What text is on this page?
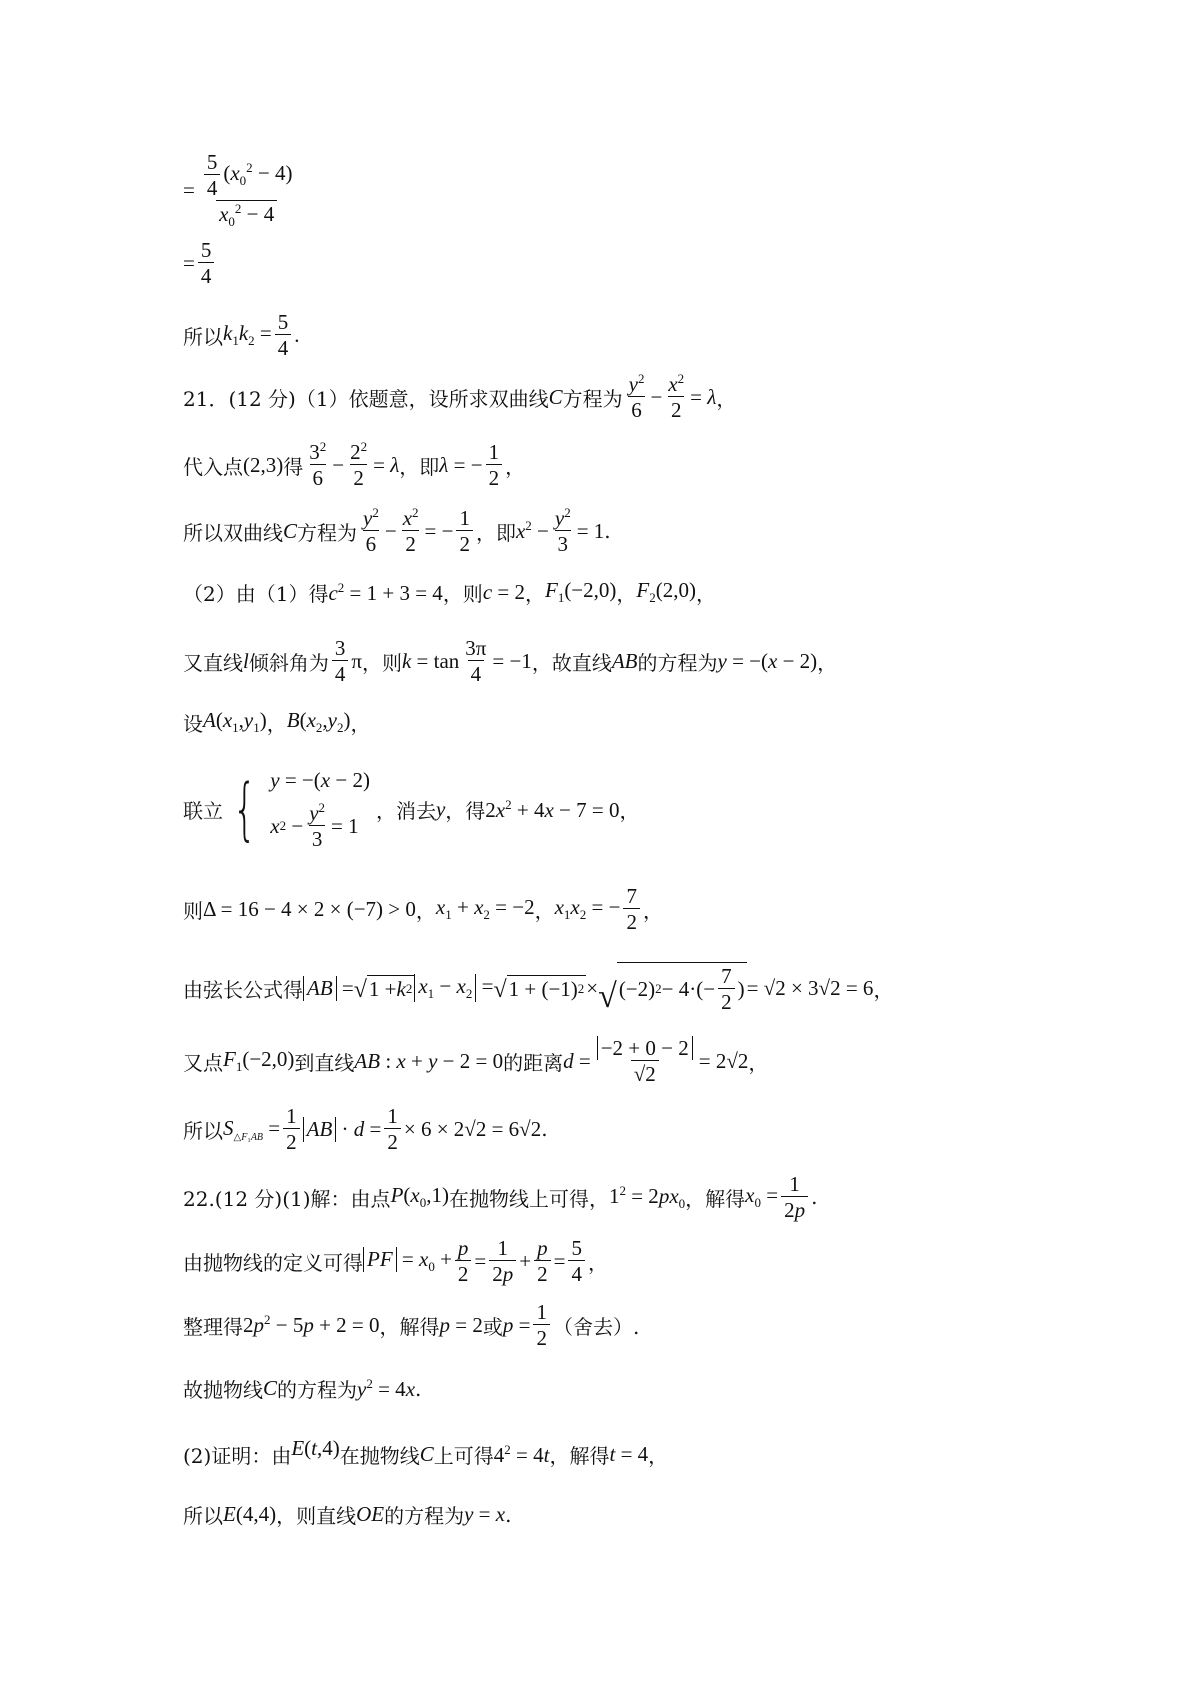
= $\frac{\frac{5}{4} (x_0^2 - 4)}{x_0^2 - 4}$
= $\frac{5}{4}$
所以 $k_1k_2 = \frac{5}{4}$ .
21．(12 分)（1）依题意，设所求双曲线 C 方程为 $\frac{y^2}{6} - \frac{x^2}{2} = \lambda$ ，
代入点 (2,3) 得 $\frac{3^2}{6} - \frac{2^2}{2} = \lambda$ ，即 λ = − $\frac{1}{2}$ ，
所以双曲线 C 方程为 $\frac{y^2}{6} - \frac{x^2}{2}$ = − $\frac{1}{2}$ ，即 $x^2 - \frac{y^2}{3} = 1$ .
（2）由（1）得 $c^2 = 1 + 3 = 4$ ，则 c = 2 ， $F_1(-2,0)$ ， $F_2(2,0)$ ，
又直线 l 倾斜角为 $\frac{3}{4}$ π ，则 $k = \tan \frac{3\pi}{4} = -1$ ，故直线 AB 的方程为 y = −(x − 2) ，
设 $A(x_1,y_1)$ ， $B(x_2,y_2)$ ，
联立 { y = −(x − 2)
x $2 - \frac{y^2}{3} = 1$
，消去 y ，得 $2x^2 + 4x - 7 = 0$ ，
则 Δ = 16 − 4 × 2 × (−7) > 0 ， $x_1 + x_2 = -2$ ， $x_1x_2$ = − $\frac{7}{2}$ ，
由弦长公式得 AB = √ 1 + k 2 $x_1 - x_2$ = √ 1 + (−1) 2 × √ (−2) $2 - 4\cdot(- \frac{7}{2}$ ) = √2 × 3√2 = 6 ，
又点 $F_1(-2,0)$ 到直线 AB : x + y − 2 = 0 的距离 $d = \frac{-2 + 0 - 2}{√2} = 2√2$ ，
所以 $S_{\triangle F_1AB} = \frac{1}{2}$ AB · $d = \frac{1}{2} \times 6 \times 2√2 = 6√2$ .
22.(12 分)(1)解：由点 $P(x_0,1)$ 在抛物线上可得， $1^2 = 2px_0$ ，解得 $x_0 = \frac{1}{2p}$ .
由抛物线的定义可得 PF = $x_0 + \frac{p}{2} = \frac{1}{2p} + \frac{p}{2} = \frac{5}{4}$ ，
整理得 $2p^2 - 5p + 2 = 0$ ，解得 p = 2 或 $p = \frac{1}{2}$ （舍去）.
故抛物线 C 的方程为 $y^2 = 4x$ .
(2)证明：由 E(t,4) 在抛物线 C 上可得 $4^2 = 4t$ ，解得 t = 4 ，
所以 E(4,4) ，则直线 OE 的方程为 y = x .
